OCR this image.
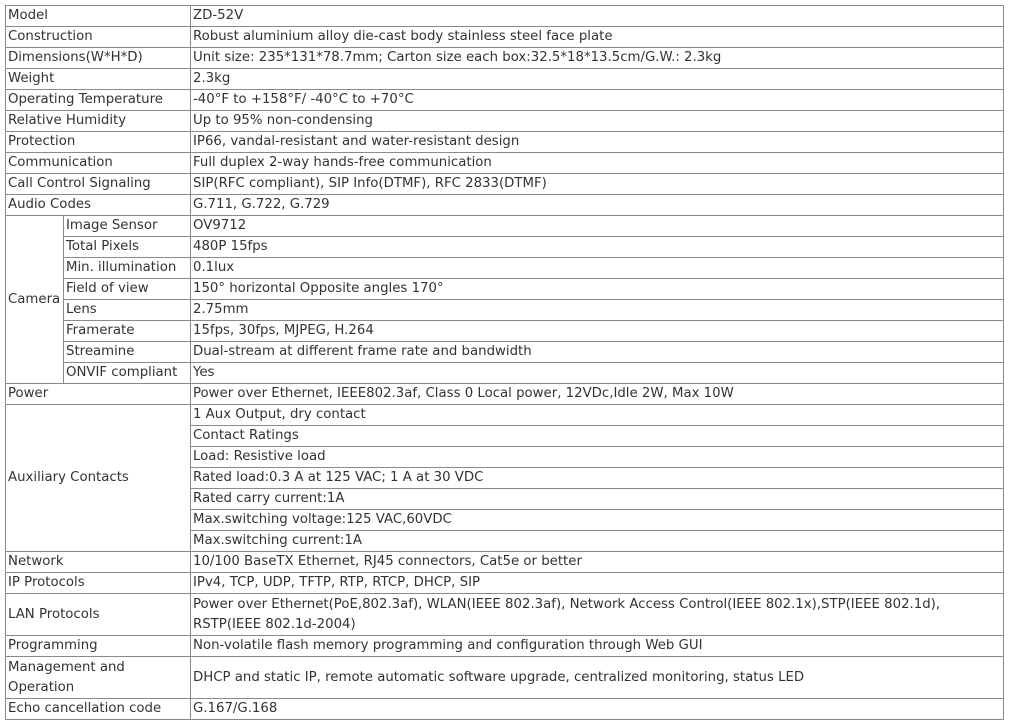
Model		ZD-52V
Construction		Robust aluminium alloy die-cast body stainless steel face plate
Dimensions(W*H*D)		Unit size: 235*131*78.7mm; Carton size each box:32.5*18*13.5cm/G.W.: 2.3kg
Weight		2.3kg
Operating Temperature		-40°F to +158°F/ -40°C to +70°C
Relative Humidity		Up to 95% non-condensing
Protection		IP66, vandal-resistant and water-resistant design
Communication		Full duplex 2-way hands-free communication
Call Control Signaling		SIP(RFC compliant), SIP Info(DTMF), RFC 2833(DTMF)
Audio Codes		G.711, G.722, G.729
Camera	Image Sensor	OV9712
	Total Pixels	480P 15fps
	Min. illumination	0.1lux
	Field of view	150° horizontal Opposite angles 170°
	Lens	2.75mm
	Framerate	15fps, 30fps, MJPEG, H.264
	Streamine	Dual-stream at different frame rate and bandwidth
	ONVIF compliant	Yes
Power		Power over Ethernet, IEEE802.3af, Class 0 Local power, 12VDc,Idle 2W, Max 10W
Auxiliary Contacts		1 Aux Output, dry contact
		Contact Ratings
		Load: Resistive load
		Rated load:0.3 A at 125 VAC; 1 A at 30 VDC
		Rated carry current:1A
		Max.switching voltage:125 VAC,60VDC
		Max.switching current:1A
Network		10/100 BaseTX Ethernet, RJ45 connectors, Cat5e or better
IP Protocols		IPv4, TCP, UDP, TFTP, RTP, RTCP, DHCP, SIP
LAN Protocols		Power over Ethernet(PoE,802.3af), WLAN(IEEE 802.3af), Network Access Control(IEEE 802.1x),STP(IEEE 802.1d), RSTP(IEEE 802.1d-2004)
Programming		Non-volatile flash memory programming and configuration through Web GUI
Management and Operation		DHCP and static IP, remote automatic software upgrade, centralized monitoring, status LED
Echo cancellation code		G.167/G.168
